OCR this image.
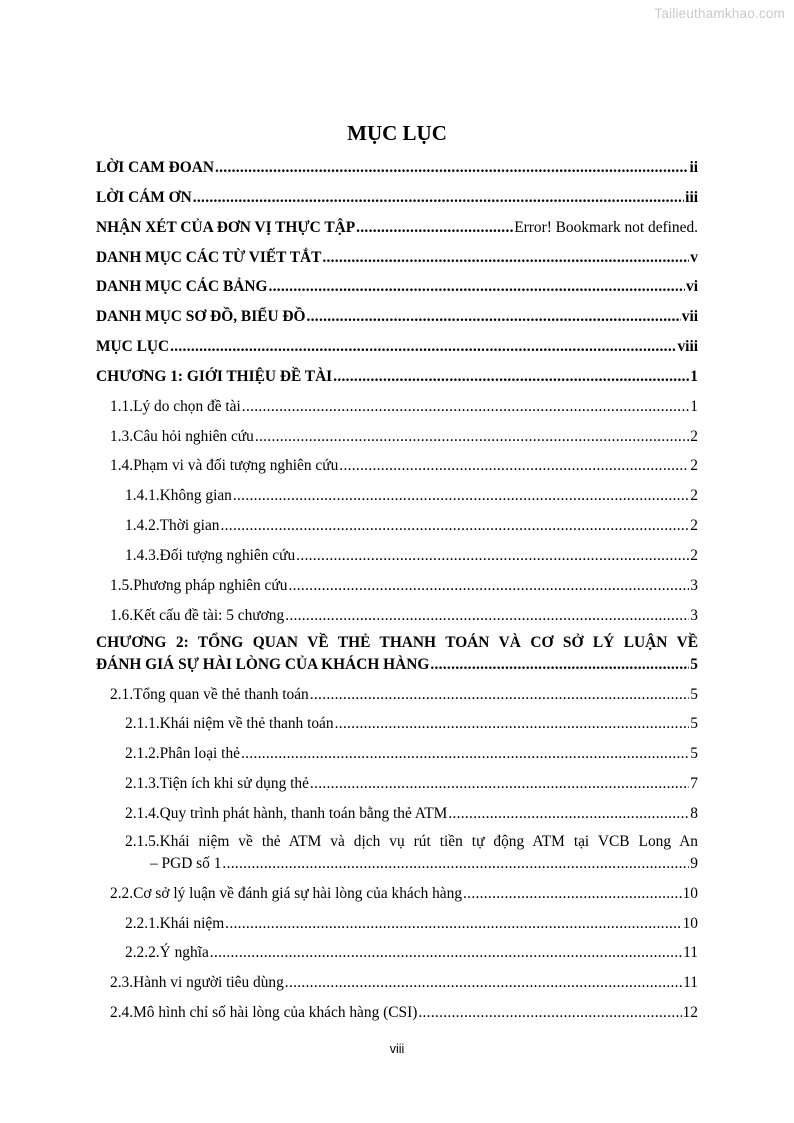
Tailieuthamkhao.com
MỤC LỤC
LỜI CAM ĐOAN .....	ii
LỜI CÁM ƠN .....	iii
NHẬN XÉT CỦA ĐƠN VỊ THỰC TẬP .....	Error! Bookmark not defined.
DANH MỤC CÁC TỪ VIẾT TẮT .....	v
DANH MỤC CÁC BẢNG .....	vi
DANH MỤC SƠ ĐỒ, BIỂU ĐỒ .....	vii
MỤC LỤC .....	viii
CHƯƠNG 1: GIỚI THIỆU ĐỀ TÀI .....	1
1.1.Lý do chọn đề tài .....	1
1.3.Câu hỏi nghiên cứu .....	2
1.4.Phạm vi và đối tượng nghiên cứu .....	2
1.4.1.Không gian .....	2
1.4.2.Thời gian .....	2
1.4.3.Đối tượng nghiên cứu .....	2
1.5.Phương pháp nghiên cứu .....	3
1.6.Kết cấu đề tài: 5 chương .....	3
CHƯƠNG 2: TỔNG QUAN VỀ THẺ THANH TOÁN VÀ CƠ SỞ LÝ LUẬN VỀ
ĐÁNH GIÁ SỰ HÀI LÒNG CỦA KHÁCH HÀNG .....	5
2.1.Tổng quan về thẻ thanh toán .....	5
2.1.1.Khái niệm về thẻ thanh toán .....	5
2.1.2.Phân loại thẻ .....	5
2.1.3.Tiện ích khi sử dụng thẻ .....	7
2.1.4.Quy trình phát hành, thanh toán bằng thẻ ATM .....	8
2.1.5.Khái niệm về thẻ ATM và dịch vụ rút tiền tự động ATM tại VCB Long An
– PGD số 1 .....	9
2.2.Cơ sở lý luận về đánh giá sự hài lòng của khách hàng .....	10
2.2.1.Khái niệm .....	10
2.2.2.Ý nghĩa .....	11
2.3.Hành vi người tiêu dùng .....	11
2.4.Mô hình chỉ số hài lòng của khách hàng (CSI) .....	12
viii
